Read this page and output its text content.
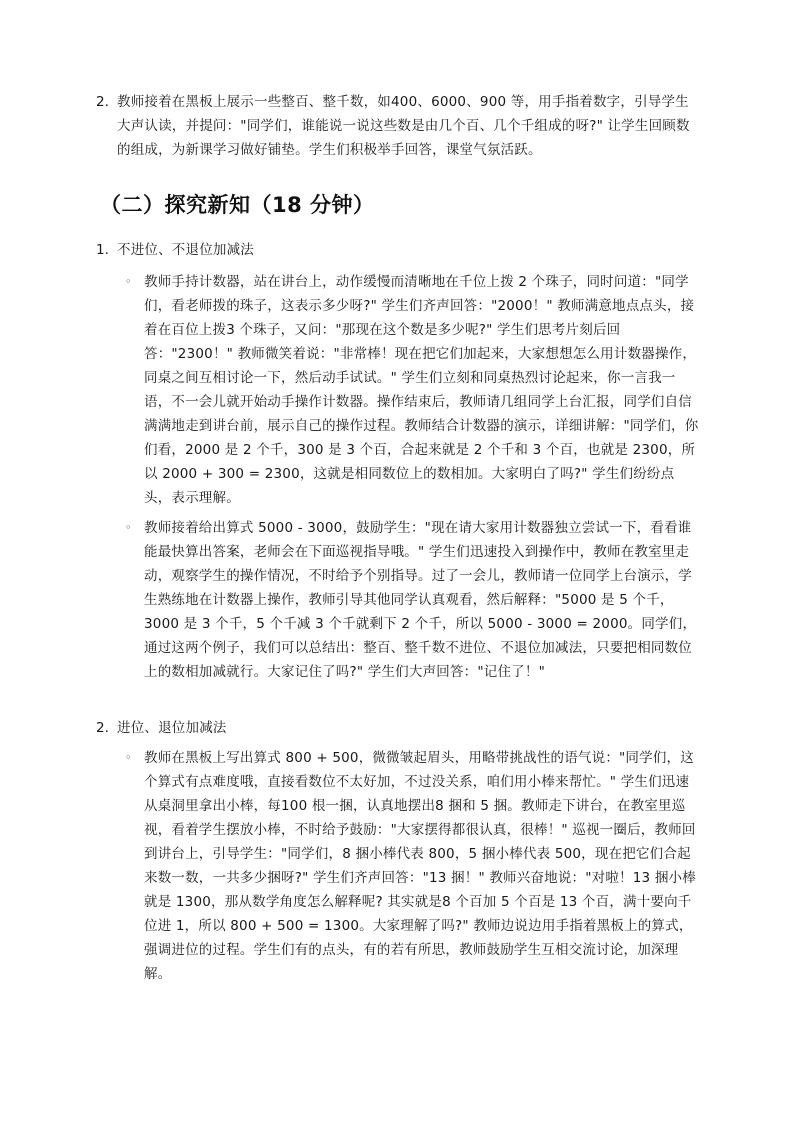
2. 教师接着在黑板上展示一些整百、整千数，如400、6000、900 等，用手指着数字，引导学生大声认读，并提问："同学们，谁能说一说这些数是由几个百、几个千组成的呀?" 让学生回顾数的组成，为新课学习做好铺垫。学生们积极举手回答，课堂气氛活跃。
（二）探究新知（18 分钟）
1. 不进位、不退位加减法
◦ 教师手持计数器，站在讲台上，动作缓慢而清晰地在千位上拨 2 个珠子，同时问道："同学们，看老师拨的珠子，这表示多少呀?" 学生们齐声回答："2000！" 教师满意地点点头，接着在百位上拨3 个珠子，又问："那现在这个数是多少呢?" 学生们思考片刻后回答："2300！" 教师微笑着说："非常棒！现在把它们加起来，大家想想怎么用计数器操作，同桌之间互相讨论一下，然后动手试试。" 学生们立刻和同桌热烈讨论起来，你一言我一语，不一会儿就开始动手操作计数器。操作结束后，教师请几组同学上台汇报，同学们自信满满地走到讲台前，展示自己的操作过程。教师结合计数器的演示，详细讲解："同学们，你们看，2000 是 2 个千，300 是 3 个百，合起来就是 2 个千和 3 个百，也就是 2300，所以 2000 + 300 = 2300，这就是相同数位上的数相加。大家明白了吗?" 学生们纷纷点头，表示理解。
◦ 教师接着给出算式 5000 - 3000，鼓励学生："现在请大家用计数器独立尝试一下，看看谁能最快算出答案，老师会在下面巡视指导哦。" 学生们迅速投入到操作中，教师在教室里走动，观察学生的操作情况，不时给予个别指导。过了一会儿，教师请一位同学上台演示，学生熟练地在计数器上操作，教师引导其他同学认真观看，然后解释："5000 是 5 个千，3000 是 3 个千，5 个千减 3 个千就剩下 2 个千，所以 5000 - 3000 = 2000。同学们，通过这两个例子，我们可以总结出：整百、整千数不进位、不退位加减法，只要把相同数位上的数相加减就行。大家记住了吗?" 学生们大声回答："记住了！"
2. 进位、退位加减法
◦ 教师在黑板上写出算式 800 + 500，微微皱起眉头，用略带挑战性的语气说："同学们，这个算式有点难度哦，直接看数位不太好加，不过没关系，咱们用小棒来帮忙。" 学生们迅速从桌洞里拿出小棒，每100 根一捆，认真地摆出8 捆和 5 捆。教师走下讲台，在教室里巡视，看着学生摆放小棒，不时给予鼓励："大家摆得都很认真，很棒！" 巡视一圈后，教师回到讲台上，引导学生："同学们，8 捆小棒代表 800，5 捆小棒代表 500，现在把它们合起来数一数，一共多少捆呀?" 学生们齐声回答："13 捆！" 教师兴奋地说："对啦！13 捆小棒就是 1300，那从数学角度怎么解释呢? 其实就是8 个百加 5 个百是 13 个百，满十要向千位进 1，所以 800 + 500 = 1300。大家理解了吗?" 教师边说边用手指着黑板上的算式，强调进位的过程。学生们有的点头，有的若有所思，教师鼓励学生互相交流讨论，加深理解。
